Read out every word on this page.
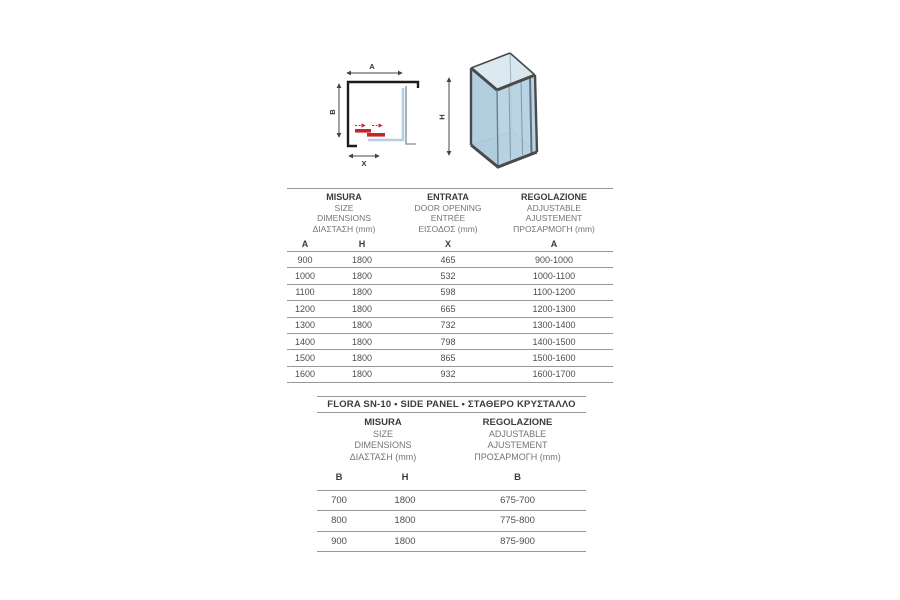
A
B
X
H
MISURA
SIZE
DIMENSIONS
ΔΙΑΣΤΑΣΗ (mm)
ENTRATA
DOOR OPENING
ENTRÉE
ΕΙΣΟΔΟΣ (mm)
REGOLAZIONE
ADJUSTABLE
AJUSTEMENT
ΠΡΟΣΑΡΜΟΓΗ (mm)
A	H	X	A
900	1800	465	900-1000
1000	1800	532	1000-1100
1100	1800	598	1100-1200
1200	1800	665	1200-1300
1300	1800	732	1300-1400
1400	1800	798	1400-1500
1500	1800	865	1500-1600
1600	1800	932	1600-1700
FLORA SN-10 • SIDE PANEL • ΣΤΑΘΕΡΟ ΚΡΥΣΤΑΛΛΟ
MISURA
SIZE
DIMENSIONS
ΔΙΑΣΤΑΣΗ (mm)
REGOLAZIONE
ADJUSTABLE
AJUSTEMENT
ΠΡΟΣΑΡΜΟΓΗ (mm)
B	H	B
700	1800	675-700
800	1800	775-800
900	1800	875-900
